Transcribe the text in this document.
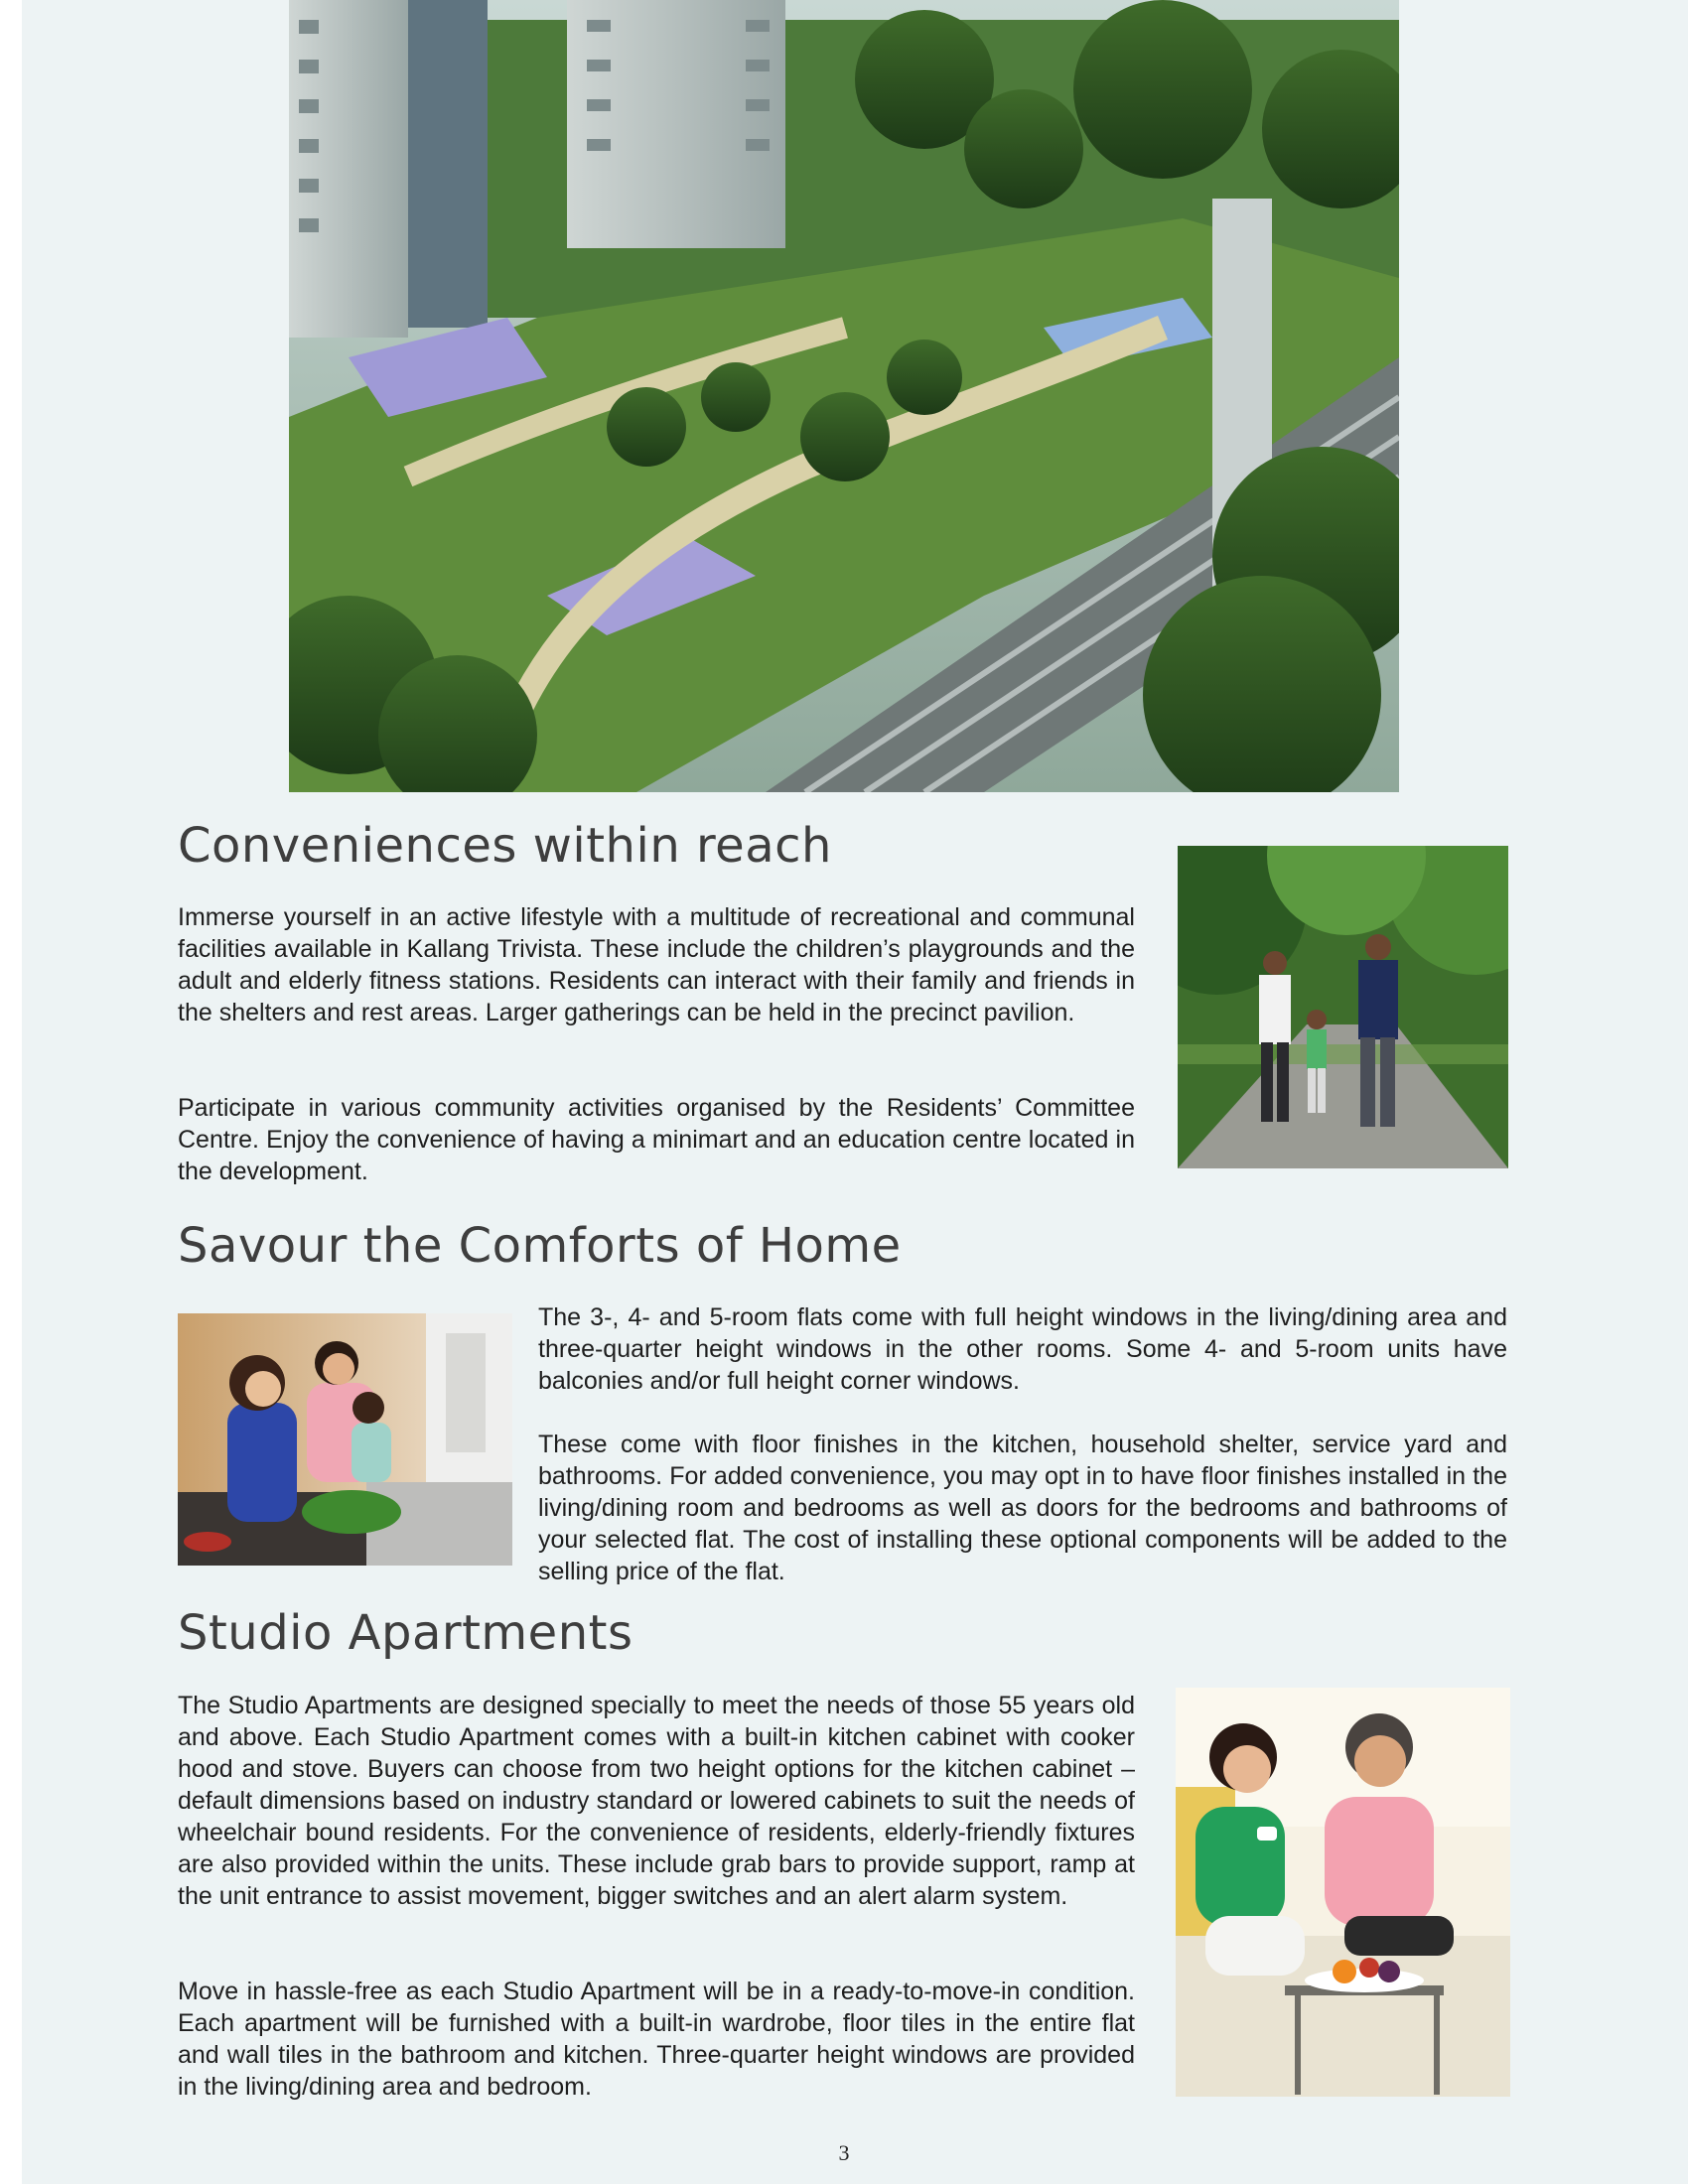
Conveniences within reach

Immerse yourself in an active lifestyle with a multitude of recreational and communal facilities available in Kallang Trivista. These include the children’s playgrounds and the adult and elderly fitness stations. Residents can interact with their family and friends in the shelters and rest areas. Larger gatherings can be held in the precinct pavilion.

Participate in various community activities organised by the Residents’ Committee Centre. Enjoy the convenience of having a minimart and an education centre located in the development.

Savour the Comforts of Home

The 3-, 4- and 5-room flats come with full height windows in the living/dining area and three-quarter height windows in the other rooms. Some 4- and 5-room units have balconies and/or full height corner windows.

These come with floor finishes in the kitchen, household shelter, service yard and bathrooms. For added convenience, you may opt in to have floor finishes installed in the living/dining room and bedrooms as well as doors for the bedrooms and bathrooms of your selected flat. The cost of installing these optional components will be added to the selling price of the flat.

Studio Apartments

The Studio Apartments are designed specially to meet the needs of those 55 years old and above. Each Studio Apartment comes with a built-in kitchen cabinet with cooker hood and stove. Buyers can choose from two height options for the kitchen cabinet – default dimensions based on industry standard or lowered cabinets to suit the needs of wheelchair bound residents. For the convenience of residents, elderly-friendly fixtures are also provided within the units. These include grab bars to provide support, ramp at the unit entrance to assist movement, bigger switches and an alert alarm system.

Move in hassle-free as each Studio Apartment will be in a ready-to-move-in condition. Each apartment will be furnished with a built-in wardrobe, floor tiles in the entire flat and wall tiles in the bathroom and kitchen. Three-quarter height windows are provided in the living/dining area and bedroom.

3
